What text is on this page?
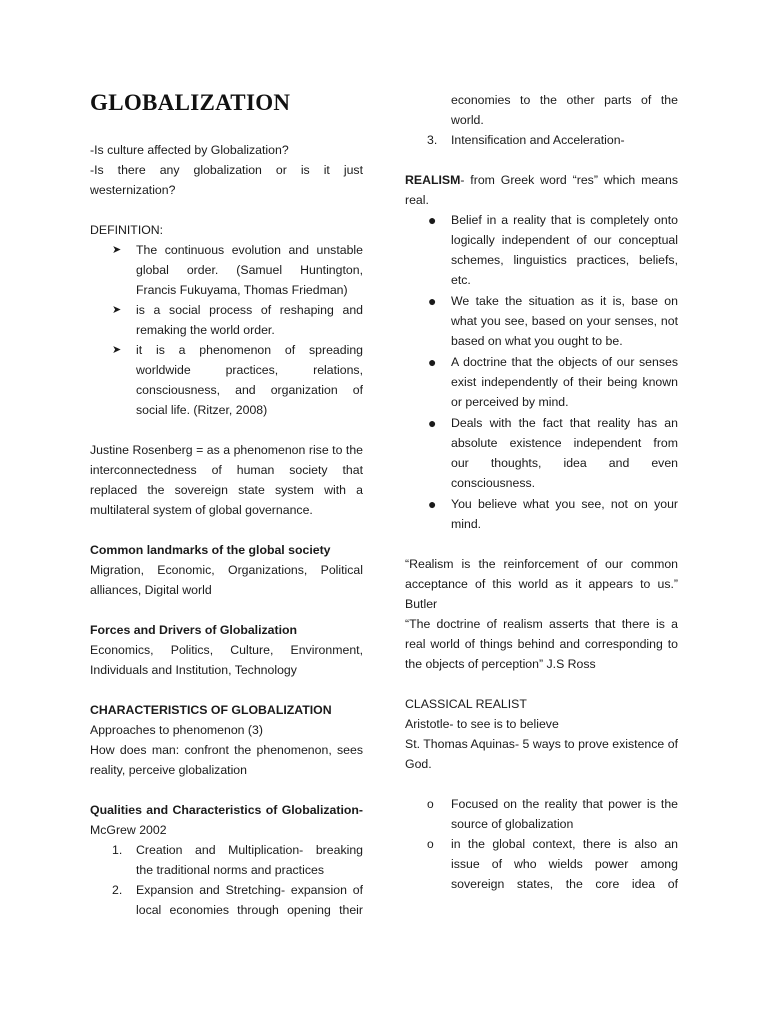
GLOBALIZATION
-Is culture affected by Globalization?
-Is there any globalization or is it just
westernization?
DEFINITION:
➤ The continuous evolution and unstable
global order. (Samuel Huntington,
Francis Fukuyama, Thomas Friedman)
➤ is a social process of reshaping and
remaking the world order.
➤ it is a phenomenon of spreading
worldwide practices, relations,
consciousness, and organization of
social life. (Ritzer, 2008)
Justine Rosenberg = as a phenomenon rise to the
interconnectedness of human society that
replaced the sovereign state system with a
multilateral system of global governance.
Common landmarks of the global society
Migration, Economic, Organizations, Political
alliances, Digital world
Forces and Drivers of Globalization
Economics, Politics, Culture, Environment,
Individuals and Institution, Technology
CHARACTERISTICS OF GLOBALIZATION
Approaches to phenomenon (3)
How does man: confront the phenomenon, sees
reality, perceive globalization
Qualities and Characteristics of Globalization-
McGrew 2002
1. Creation and Multiplication- breaking
the traditional norms and practices
2. Expansion and Stretching- expansion of
local economies through opening their
economies to the other parts of the
world.
3. Intensification and Acceleration-
REALISM- from Greek word “res” which means
real.
● Belief in a reality that is completely onto
logically independent of our conceptual
schemes, linguistics practices, beliefs,
etc.
● We take the situation as it is, base on
what you see, based on your senses, not
based on what you ought to be.
● A doctrine that the objects of our senses
exist independently of their being known
or perceived by mind.
● Deals with the fact that reality has an
absolute existence independent from
our thoughts, idea and even
consciousness.
● You believe what you see, not on your
mind.
“Realism is the reinforcement of our common
acceptance of this world as it appears to us.”
Butler
“The doctrine of realism asserts that there is a
real world of things behind and corresponding to
the objects of perception” J.S Ross
CLASSICAL REALIST
Aristotle- to see is to believe
St. Thomas Aquinas- 5 ways to prove existence of
God.
o Focused on the reality that power is the
source of globalization
o in the global context, there is also an
issue of who wields power among
sovereign states, the core idea of
